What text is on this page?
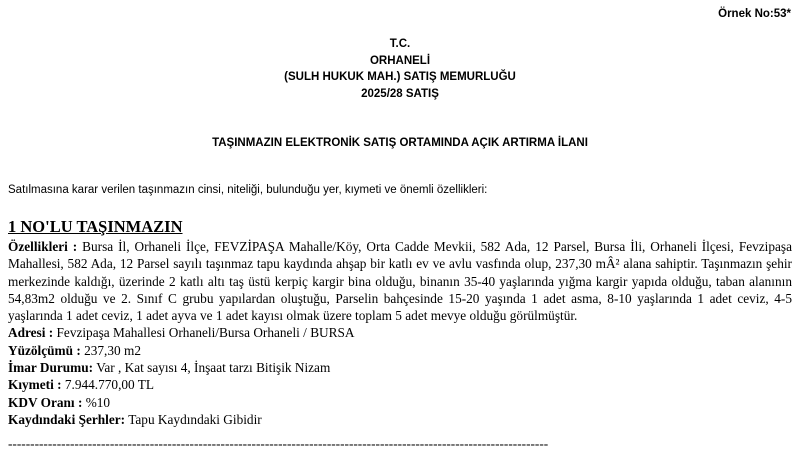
Örnek No:53*
T.C.
ORHANELİ
(SULH HUKUK MAH.) SATIŞ MEMURLUĞU
2025/28 SATIŞ
TAŞINMAZIN ELEKTRONİK SATIŞ ORTAMINDA AÇIK ARTIRMA İLANI
Satılmasına karar verilen taşınmazın cinsi, niteliği, bulunduğu yer, kıymeti ve önemli özellikleri:
1 NO'LU TAŞINMAZIN

Özellikleri : Bursa İl, Orhaneli İlçe, FEVZİPAŞA Mahalle/Köy, Orta Cadde Mevkii, 582 Ada, 12 Parsel, Bursa İli, Orhaneli İlçesi, Fevzipaşa Mahallesi, 582 Ada, 12 Parsel sayılı taşınmaz tapu kaydında ahşap bir katlı ev ve avlu vasfında olup, 237,30 mÂ² alana sahiptir. Taşınmazın şehir merkezinde kaldığı, üzerinde 2 katlı altı taş üstü kerpiç kargir bina olduğu, binanın 35-40 yaşlarında yığma kargir yapıda olduğu, taban alanının 54,83m2 olduğu ve 2. Sınıf C grubu yapılardan oluştuğu, Parselin bahçesinde 15-20 yaşında 1 adet asma, 8-10 yaşlarında 1 adet ceviz, 4-5 yaşlarında 1 adet ceviz, 1 adet ayva ve 1 adet kayısı olmak üzere toplam 5 adet mevye olduğu görülmüştür.

Adresi : Fevzipaşa Mahallesi Orhaneli/Bursa Orhaneli / BURSA
Yüzölçümü : 237,30 m2
İmar Durumu: Var , Kat sayısı 4, İnşaat tarzı Bitişik Nizam
Kıymeti : 7.944.770,00 TL
KDV Oranı : %10
Kaydındaki Şerhler: Tapu Kaydındaki Gibidir
--------------------------------------------------------------------------------------------------------------------------
